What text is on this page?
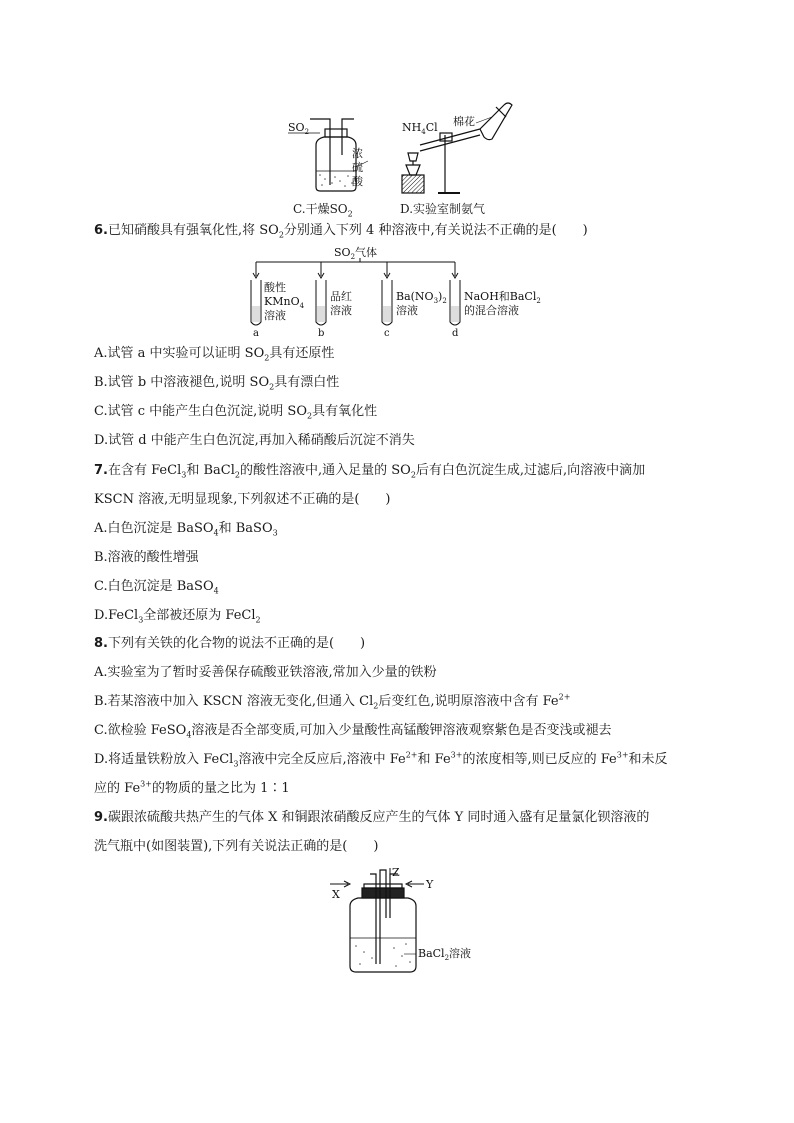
$SO_2$
浓
硫
酸
$NH_4Cl$ 棉花
C.干燥$SO_2$	D.实验室制氨气
6.已知硝酸具有强氧化性,将 $SO_2$分别通入下列 4 种溶液中,有关说法不正确的是(　　)
$SO_2$气体
a	b	c	d
酸性
KMnO$_4$
溶液
品红
溶液
$Ba(NO_3)_2$
溶液
NaOH和BaCl$_2$
的混合溶液
A.试管 a 中实验可以证明 $SO_2$具有还原性
B.试管 b 中溶液褪色,说明 $SO_2$具有漂白性
C.试管 c 中能产生白色沉淀,说明 $SO_2$具有氧化性
D.试管 d 中能产生白色沉淀,再加入稀硝酸后沉淀不消失
7.在含有 FeCl$_3$和 BaCl$_2$的酸性溶液中,通入足量的 $SO_2$后有白色沉淀生成,过滤后,向溶液中滴加
KSCN 溶液,无明显现象,下列叙述不正确的是(　　)
A.白色沉淀是 BaSO$_4$和 BaSO$_3$
B.溶液的酸性增强
C.白色沉淀是 BaSO$_4$
D.FeCl$_3$全部被还原为 FeCl$_2$
8.下列有关铁的化合物的说法不正确的是(　　)
A.实验室为了暂时妥善保存硫酸亚铁溶液,常加入少量的铁粉
B.若某溶液中加入 KSCN 溶液无变化,但通入 $Cl_2$后变红色,说明原溶液中含有 $Fe^{2+}$
C.欲检验 FeSO$_4$溶液是否全部变质,可加入少量酸性高锰酸钾溶液观察紫色是否变浅或褪去
D.将适量铁粉放入 FeCl$_3$溶液中完全反应后,溶液中 $Fe^{2+}$和 $Fe^{3+}$的浓度相等,则已反应的 $Fe^{3+}$和未反
应的 $Fe^{3+}$的物质的量之比为 1∶1
9.碳跟浓硫酸共热产生的气体 X 和铜跟浓硝酸反应产生的气体 Y 同时通入盛有足量氯化钡溶液的
洗气瓶中(如图装置),下列有关说法正确的是(　　)
X
Z
Y
BaCl$_2$溶液
